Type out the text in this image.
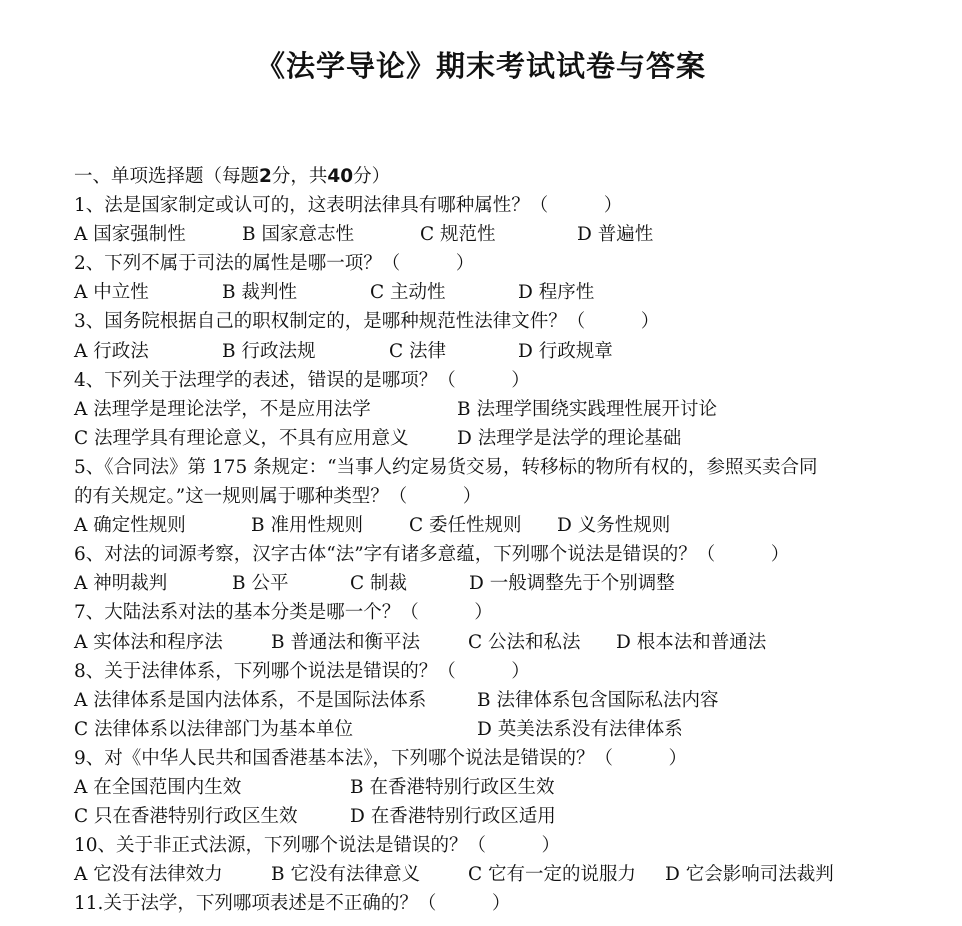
《法学导论》期末考试试卷与答案
一、单项选择题（每题2分，共40分）
1、法是国家制定或认可的，这表明法律具有哪种属性？（　　　）
A 国家强制性	B 国家意志性	C 规范性	D 普遍性
2、下列不属于司法的属性是哪一项？（　　　）
A 中立性	B 裁判性	C 主动性	D 程序性
3、国务院根据自己的职权制定的，是哪种规范性法律文件？（　　　）
A 行政法	B 行政法规	C 法律	D 行政规章
4、下列关于法理学的表述，错误的是哪项？（　　　）
A 法理学是理论法学，不是应用法学	B 法理学围绕实践理性展开讨论
C 法理学具有理论意义，不具有应用意义	D 法理学是法学的理论基础
5、《合同法》第 175 条规定：“当事人约定易货交易，转移标的物所有权的，参照买卖合同
的有关规定。”这一规则属于哪种类型？（　　　）
A 确定性规则	B 准用性规则 C 委任性规则 D 义务性规则
6、对法的词源考察，汉字古体“法”字有诸多意蕴，下列哪个说法是错误的？（　　　）
A 神明裁判	B 公平	C 制裁	D 一般调整先于个别调整
7、大陆法系对法的基本分类是哪一个？（　　　）
A 实体法和程序法	B 普通法和衡平法	C 公法和私法 D 根本法和普通法
8、关于法律体系，下列哪个说法是错误的？（　　　）
A 法律体系是国内法体系，不是国际法体系	B 法律体系包含国际私法内容
C 法律体系以法律部门为基本单位	D 英美法系没有法律体系
9、对《中华人民共和国香港基本法》，下列哪个说法是错误的？（　　　）
A 在全国范围内生效	B 在香港特别行政区生效
C 只在香港特别行政区生效	D 在香港特别行政区适用
10、关于非正式法源，下列哪个说法是错误的？（　　　）
A 它没有法律效力	B 它没有法律意义	C 它有一定的说服力 D 它会影响司法裁判
11.关于法学，下列哪项表述是不正确的？（　　　）
